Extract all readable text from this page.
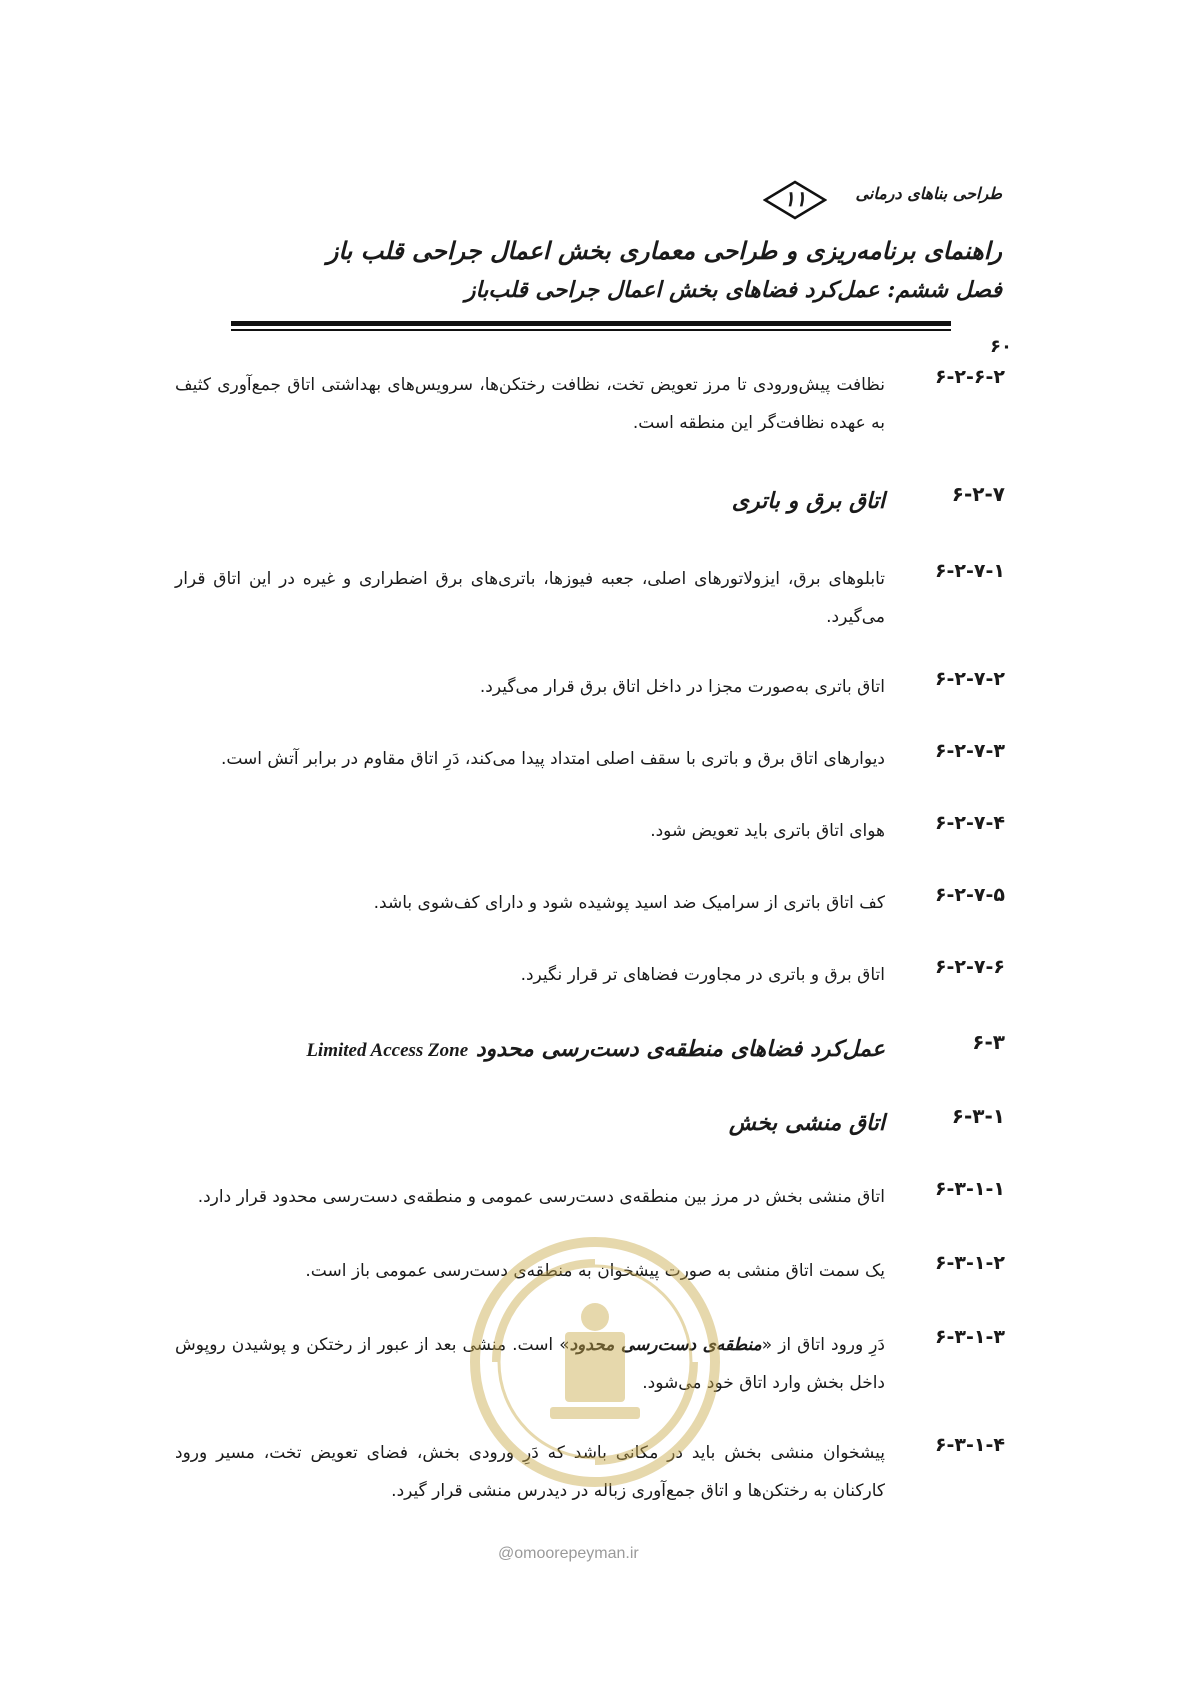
طراحی بناهای درمانی
۱۱
راهنمای برنامه‌ریزی و طراحی معماری بخش اعمال جراحی قلب باز
فصل ششم: عمل‌کرد فضاهای بخش اعمال جراحی قلب‌باز
۶۰
۶-۲-۶-۲
نظافت پیش‌ورودی تا مرز تعویض تخت، نظافت رختکن‌ها، سرویس‌های بهداشتی اتاق جمع‌آوری کثیف به عهده نظافت‌گر این منطقه است.
۶-۲-۷
اتاق برق و باتری
۶-۲-۷-۱
تابلوهای برق، ایزولاتورهای اصلی، جعبه فیوزها، باتری‌های برق اضطراری و غیره در این اتاق قرار می‌گیرد.
۶-۲-۷-۲
اتاق باتری به‌صورت مجزا در داخل اتاق برق قرار می‌گیرد.
۶-۲-۷-۳
دیوارهای اتاق برق و باتری با سقف اصلی امتداد پیدا می‌کند، دَرِ اتاق مقاوم در برابر آتش است.
۶-۲-۷-۴
هوای اتاق باتری باید تعویض شود.
۶-۲-۷-۵
کف اتاق باتری از سرامیک ضد اسید پوشیده شود و دارای کف‌شوی باشد.
۶-۲-۷-۶
اتاق برق و باتری در مجاورت فضاهای تر قرار نگیرد.
۶-۳
عمل‌کرد فضاهای منطقه‌ی دست‌رسی محدود Limited Access Zone
۶-۳-۱
اتاق منشی بخش
۶-۳-۱-۱
اتاق منشی بخش در مرز بین منطقه‌ی دست‌رسی عمومی و منطقه‌ی دست‌رسی محدود قرار دارد.
۶-۳-۱-۲
یک سمت اتاق منشی به صورت پیشخوان به منطقه‌ی دست‌رسی عمومی باز است.
۶-۳-۱-۳
دَرِ ورود اتاق از «منطقه‌ی دست‌رسی محدود» است. منشی بعد از عبور از رختکن و پوشیدن روپوش داخل بخش وارد اتاق خود می‌شود.
۶-۳-۱-۴
پیشخوان منشی بخش باید در مکانی باشد که دَرِ ورودی بخش، فضای تعویض تخت، مسیر ورود کارکنان به رختکن‌ها و اتاق جمع‌آوری زباله در دیدرس منشی قرار گیرد.
@omoorepeyman.ir
